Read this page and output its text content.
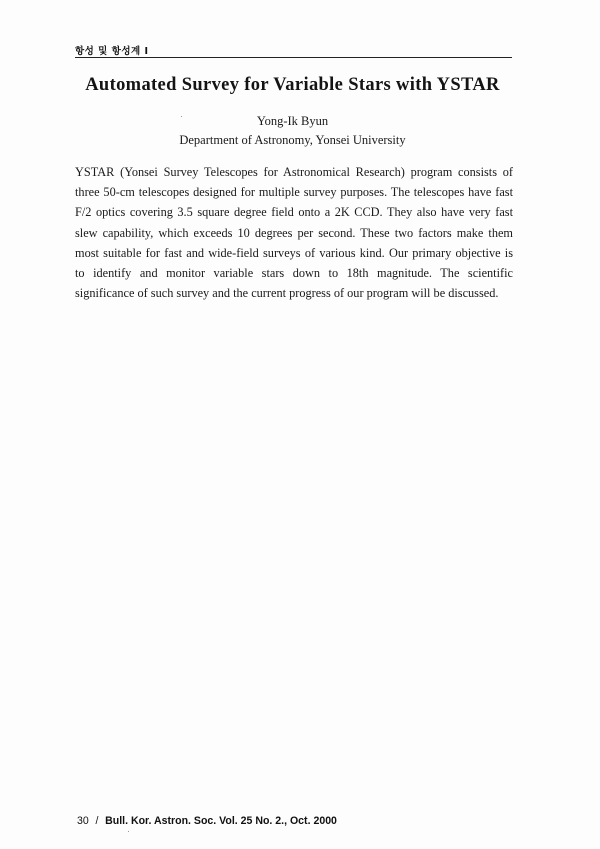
항성 및 항성계 I
Automated Survey for Variable Stars with YSTAR
Yong-Ik Byun
Department of Astronomy, Yonsei University
YSTAR (Yonsei Survey Telescopes for Astronomical Research) program consists of
three 50-cm telescopes designed for multiple survey purposes. The telescopes have fast
F/2 optics covering 3.5 square degree field onto a 2K CCD. They also have very fast
slew capability, which exceeds 10 degrees per second. These two factors make them
most suitable for fast and wide-field surveys of various kind. Our primary objective is
to identify and monitor variable stars down to 18th magnitude. The scientific
significance of such survey and the current progress of our program will be discussed.
30 / Bull. Kor. Astron. Soc. Vol. 25 No. 2., Oct. 2000
